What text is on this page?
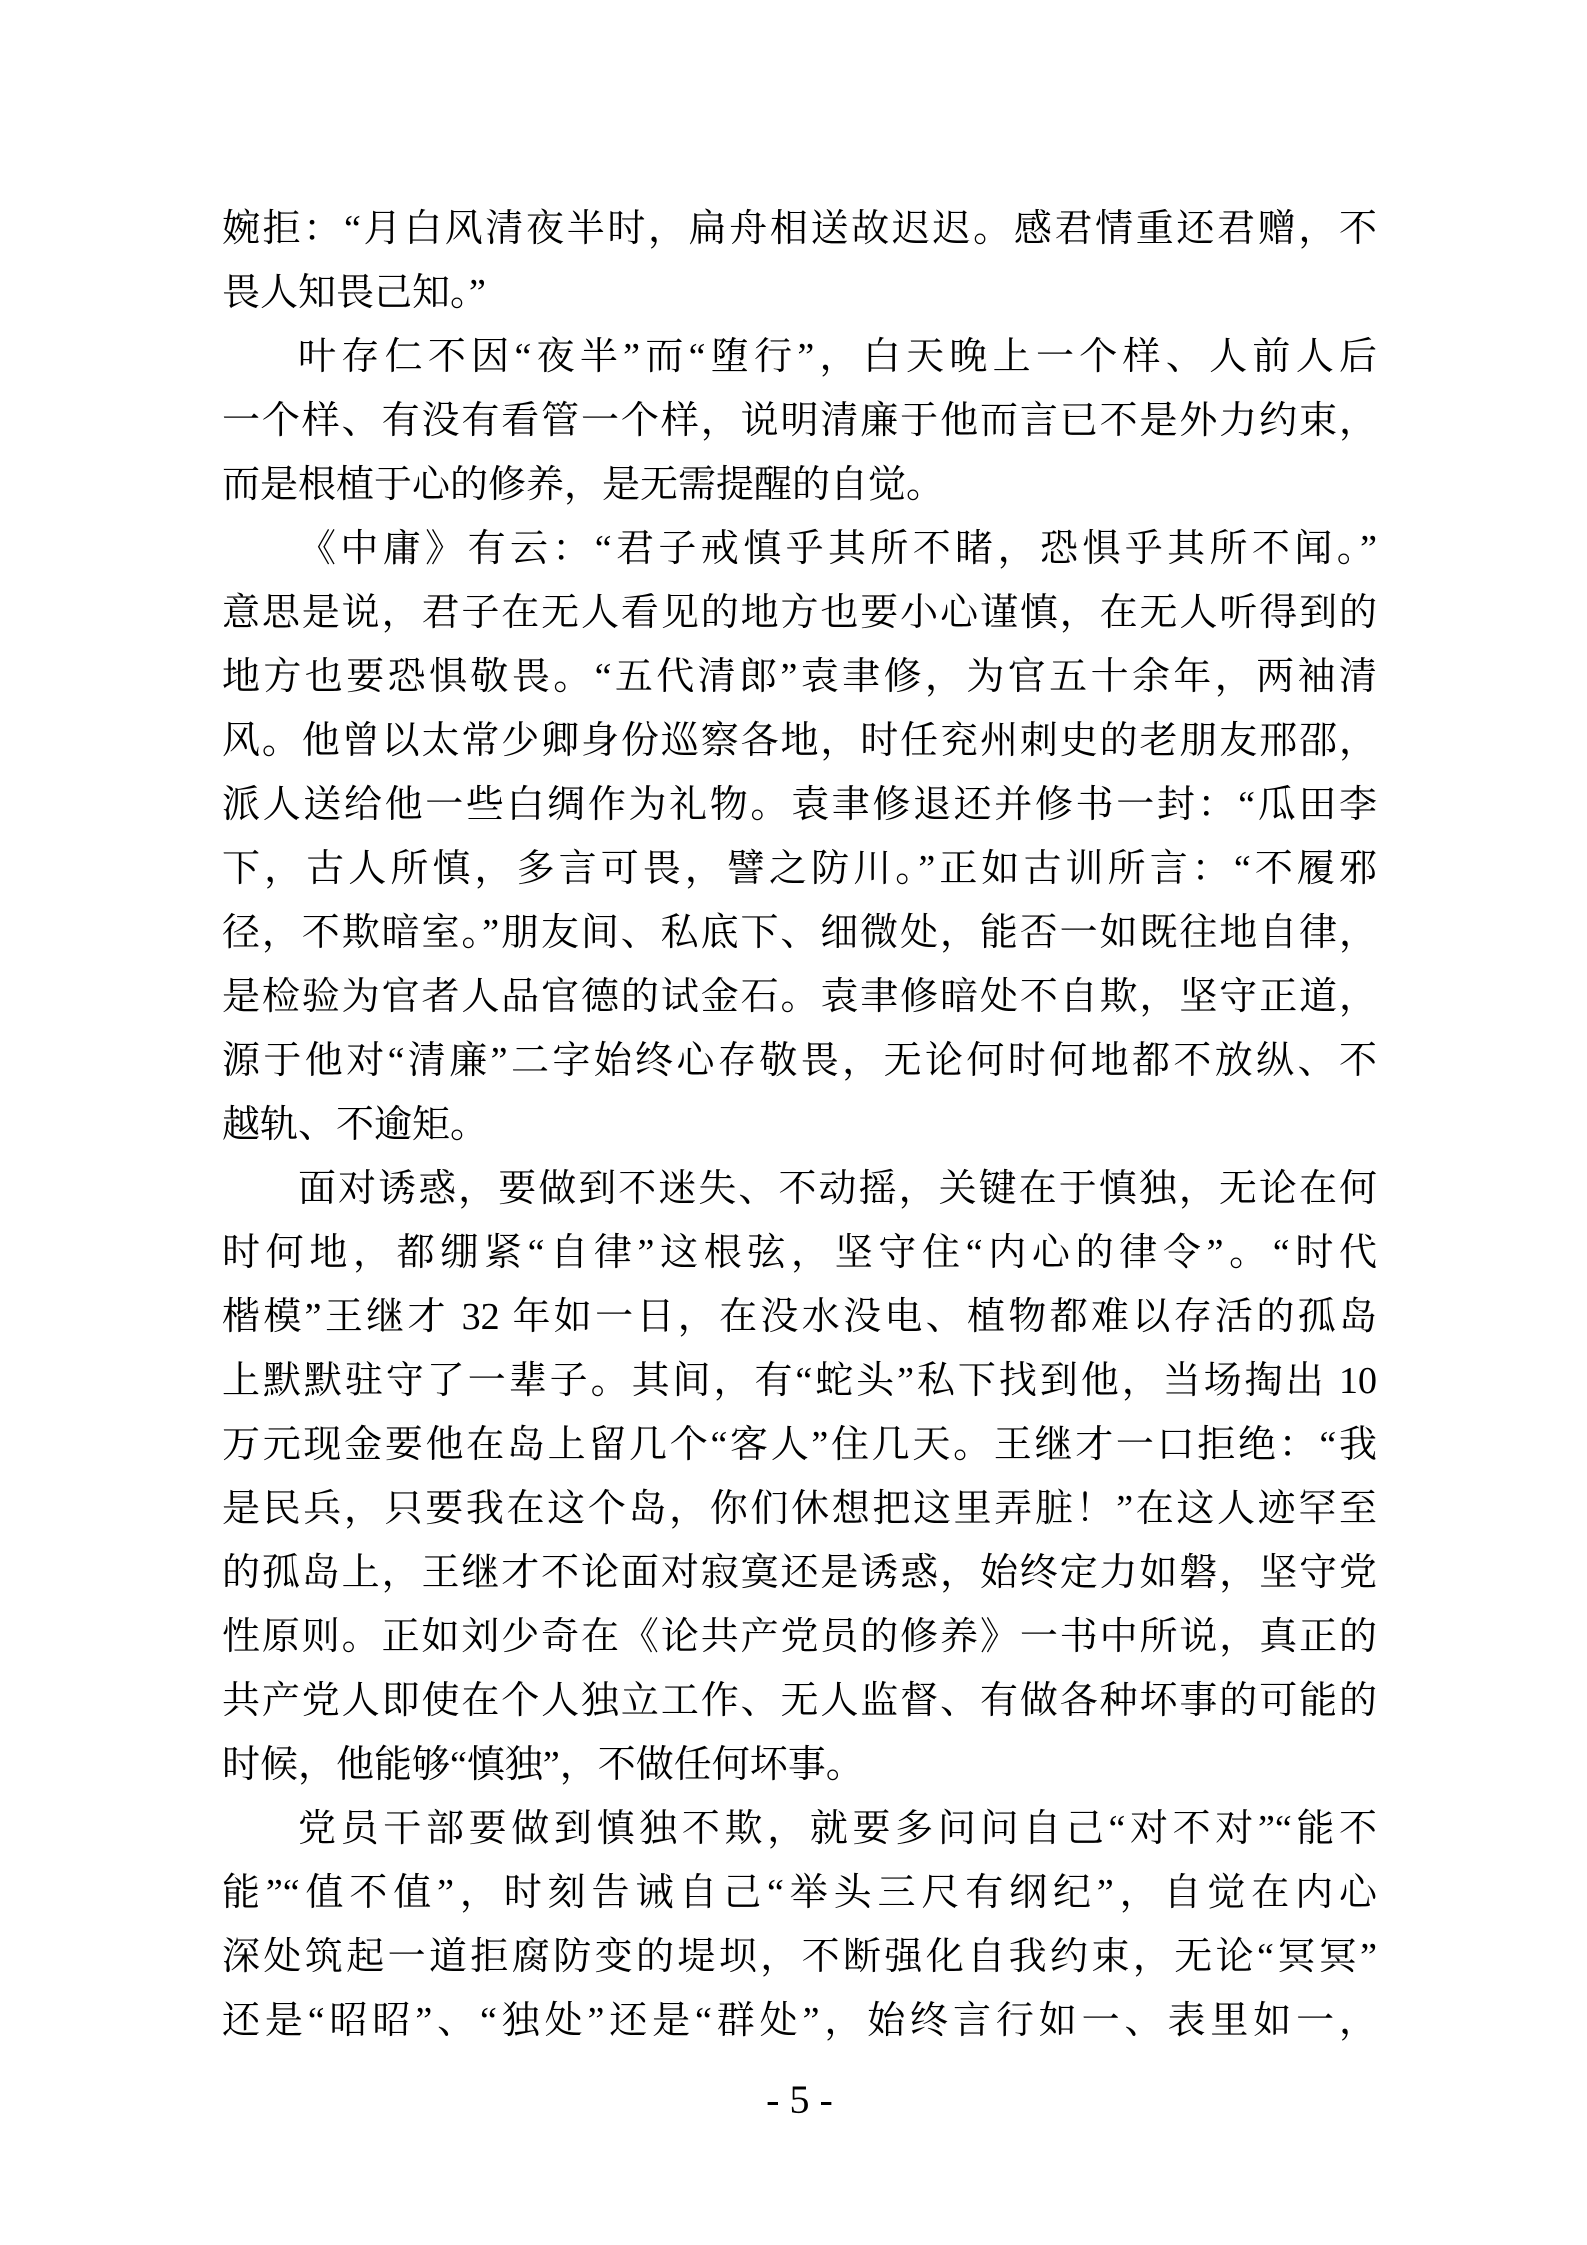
婉拒：“月白风清夜半时，扁舟相送故迟迟。感君情重还君赠，不
畏人知畏己知。”
叶存仁不因“夜半”而“堕行”，白天晚上一个样、人前人后
一个样、有没有看管一个样，说明清廉于他而言已不是外力约束，
而是根植于心的修养，是无需提醒的自觉。
《中庸》有云：“君子戒慎乎其所不睹，恐惧乎其所不闻。”
意思是说，君子在无人看见的地方也要小心谨慎，在无人听得到的
地方也要恐惧敬畏。“五代清郎”袁聿修，为官五十余年，两袖清
风。他曾以太常少卿身份巡察各地，时任兖州刺史的老朋友邢邵，
派人送给他一些白绸作为礼物。袁聿修退还并修书一封：“瓜田李
下，古人所慎，多言可畏，譬之防川。”正如古训所言：“不履邪
径，不欺暗室。”朋友间、私底下、细微处，能否一如既往地自律，
是检验为官者人品官德的试金石。袁聿修暗处不自欺，坚守正道，
源于他对“清廉”二字始终心存敬畏，无论何时何地都不放纵、不
越轨、不逾矩。
面对诱惑，要做到不迷失、不动摇，关键在于慎独，无论在何
时何地，都绷紧“自律”这根弦，坚守住“内心的律令”。“时代
楷模”王继才 32 年如一日，在没水没电、植物都难以存活的孤岛
上默默驻守了一辈子。其间，有“蛇头”私下找到他，当场掏出 10
万元现金要他在岛上留几个“客人”住几天。王继才一口拒绝：“我
是民兵，只要我在这个岛，你们休想把这里弄脏！”在这人迹罕至
的孤岛上，王继才不论面对寂寞还是诱惑，始终定力如磐，坚守党
性原则。正如刘少奇在《论共产党员的修养》一书中所说，真正的
共产党人即使在个人独立工作、无人监督、有做各种坏事的可能的
时候，他能够“慎独”，不做任何坏事。
党员干部要做到慎独不欺，就要多问问自己“对不对”“能不
能”“值不值”，时刻告诫自己“举头三尺有纲纪”，自觉在内心
深处筑起一道拒腐防变的堤坝，不断强化自我约束，无论“冥冥”
还是“昭昭”、“独处”还是“群处”，始终言行如一、表里如一，
- 5 -
